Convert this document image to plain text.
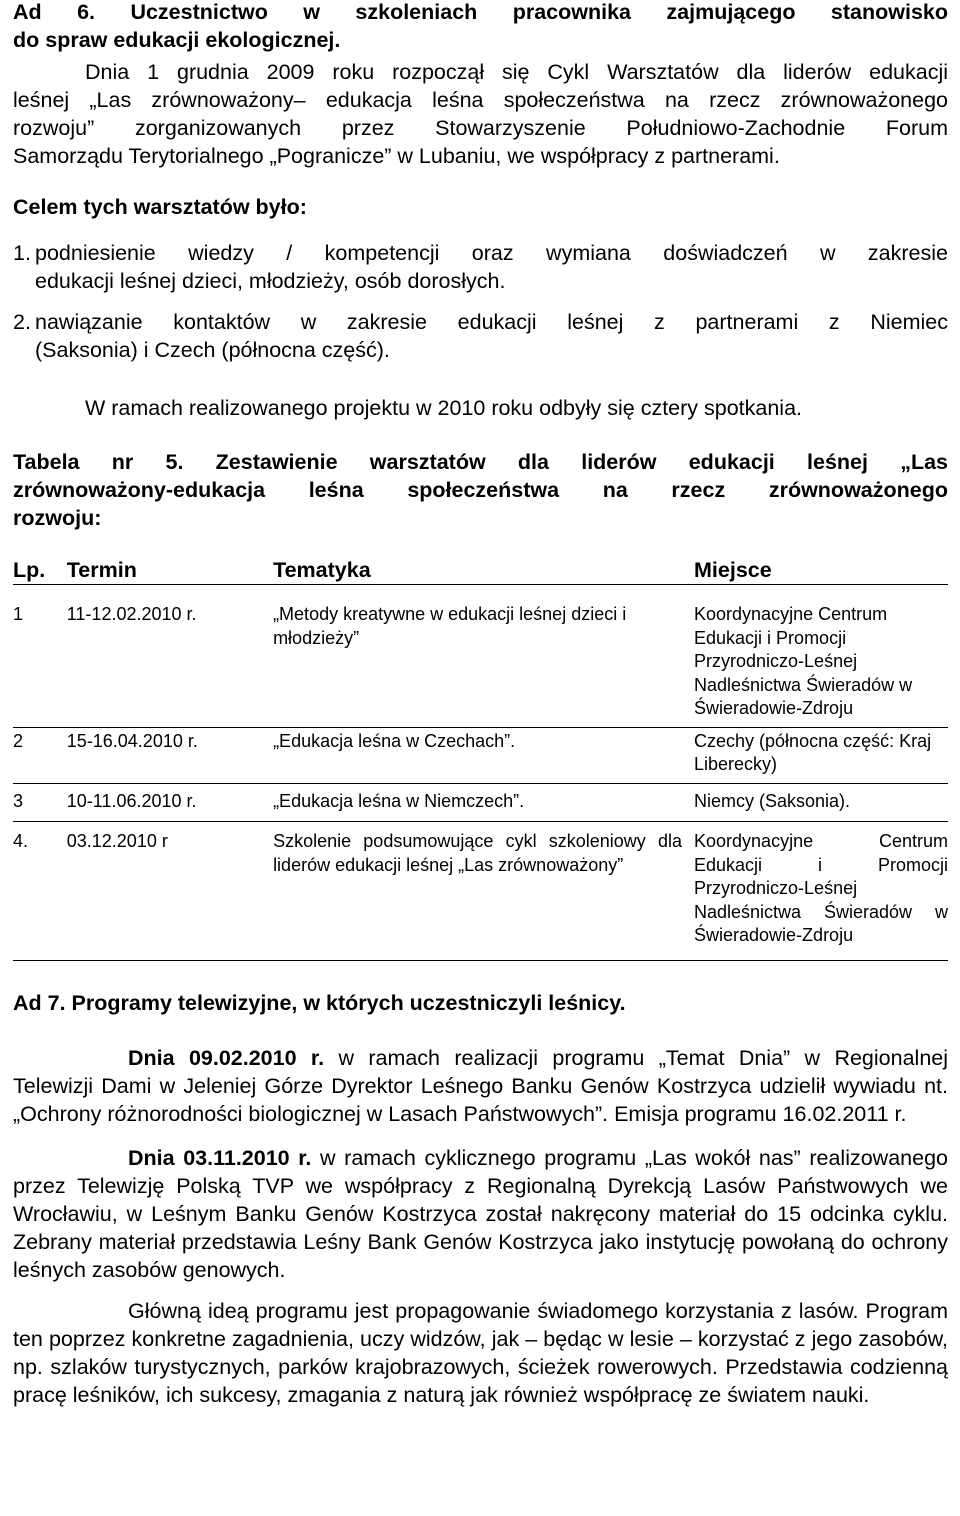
Ad 6. Uczestnictwo w szkoleniach pracownika zajmującego stanowisko

do spraw edukacji ekologicznej.

Dnia 1 grudnia 2009 roku rozpoczął się Cykl Warsztatów dla liderów edukacji

leśnej „Las zrównoważony– edukacja leśna społeczeństwa na rzecz zrównoważonego

rozwoju” zorganizowanych przez Stowarzyszenie Południowo-Zachodnie Forum

Samorządu Terytorialnego „Pogranicze” w Lubaniu, we współpracy z partnerami.

Celem tych warsztatów było:

1. podniesienie wiedzy / kompetencji oraz wymiana doświadczeń w zakresie
edukacji leśnej dzieci, młodzieży, osób dorosłych.
2. nawiązanie kontaktów w zakresie edukacji leśnej z partnerami z Niemiec
(Saksonia) i Czech (północna część).

W ramach realizowanego projektu w 2010 roku odbyły się cztery spotkania.

Tabela nr 5. Zestawienie warsztatów dla liderów edukacji leśnej „Las

zrównoważony-edukacja leśna społeczeństwa na rzecz zrównoważonego

rozwoju:

Lp.	Termin	Tematyka	Miejsce

1	11-12.02.2010 r.	„Metody kreatywne w edukacji leśnej dzieci i młodzieży”	Koordynacyjne Centrum Edukacji i Promocji Przyrodniczo-Leśnej Nadleśnictwa Świeradów w Świeradowie-Zdroju

2	15-16.04.2010 r.	„Edukacja leśna w Czechach”.	Czechy (północna część: Kraj Liberecky)

3	10-11.06.2010 r.	„Edukacja leśna w Niemczech”.	Niemcy (Saksonia).

4.	03.12.2010 r	Szkolenie podsumowujące cykl szkoleniowy dla liderów edukacji leśnej „Las zrównoważony”	Koordynacyjne Centrum Edukacji i Promocji Przyrodniczo-Leśnej Nadleśnictwa Świeradów w Świeradowie-Zdroju

Ad 7. Programy telewizyjne, w których uczestniczyli leśnicy.

Dnia 09.02.2010 r. w ramach realizacji programu „Temat Dnia” w Regionalnej Telewizji Dami w Jeleniej Górze Dyrektor Leśnego Banku Genów Kostrzyca udzielił wywiadu nt. „Ochrony różnorodności biologicznej w Lasach Państwowych”. Emisja programu 16.02.2011 r.

Dnia 03.11.2010 r. w ramach cyklicznego programu „Las wokół nas” realizowanego przez Telewizję Polską TVP we współpracy z Regionalną Dyrekcją Lasów Państwowych we Wrocławiu, w Leśnym Banku Genów Kostrzyca został nakręcony materiał do 15 odcinka cyklu. Zebrany materiał przedstawia Leśny Bank Genów Kostrzyca jako instytucję powołaną do ochrony leśnych zasobów genowych.

Główną ideą programu jest propagowanie świadomego korzystania z lasów. Program ten poprzez konkretne zagadnienia, uczy widzów, jak – będąc w lesie – korzystać z jego zasobów, np. szlaków turystycznych, parków krajobrazowych, ścieżek rowerowych. Przedstawia codzienną pracę leśników, ich sukcesy, zmagania z naturą jak również współpracę ze światem nauki.
